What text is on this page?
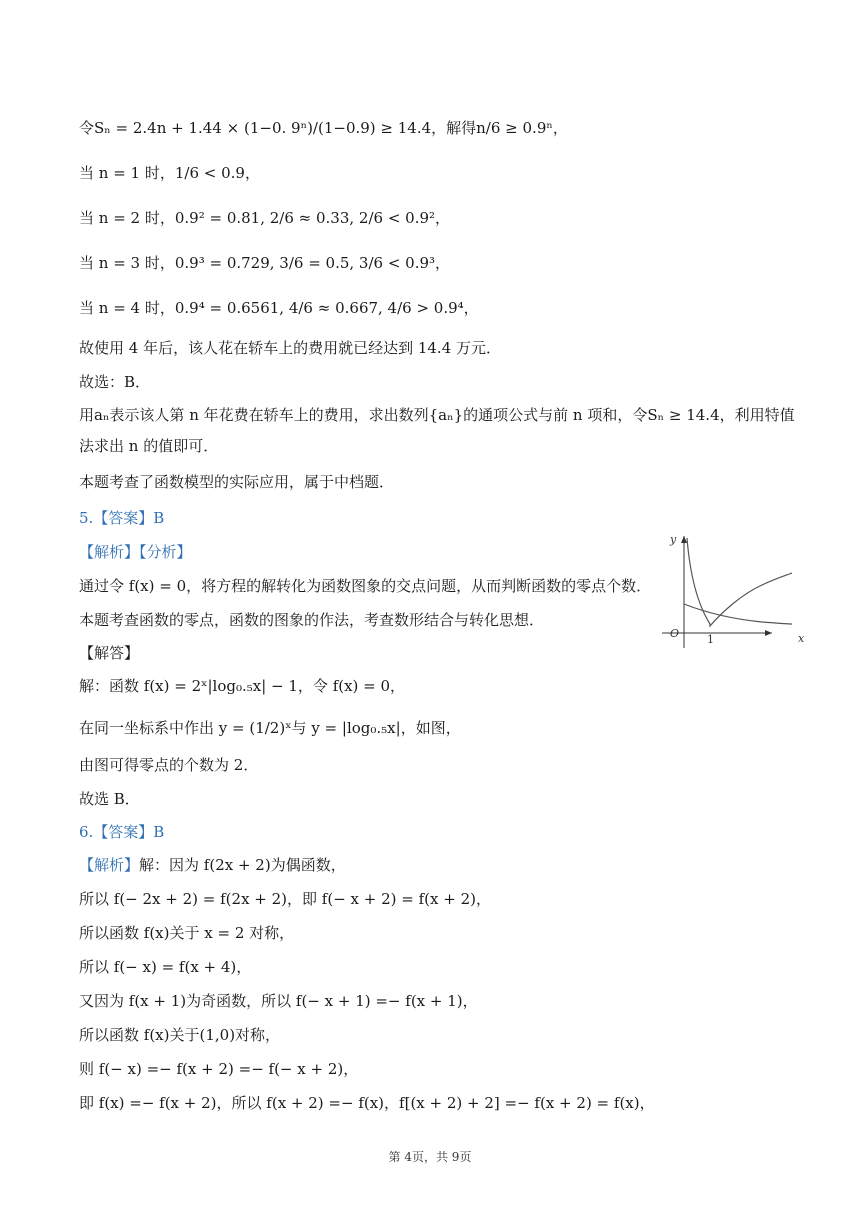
令Sₙ = 2.4n + 1.44 × (1−0. 9ⁿ)/(1−0.9) ≥ 14.4，解得n/6 ≥ 0.9ⁿ，
当 n = 1 时，1/6 < 0.9，
当 n = 2 时，0.9² = 0.81, 2/6 ≈ 0.33, 2/6 < 0.9²，
当 n = 3 时，0.9³ = 0.729, 3/6 = 0.5, 3/6 < 0.9³，
当 n = 4 时，0.9⁴ = 0.6561, 4/6 ≈ 0.667, 4/6 > 0.9⁴，
故使用 4 年后，该人花在轿车上的费用就已经达到 14.4 万元．
故选：B．
用aₙ表示该人第 n 年花费在轿车上的费用，求出数列{aₙ}的通项公式与前 n 项和，令Sₙ ≥ 14.4，利用特值法求出 n 的值即可．
本题考查了函数模型的实际应用，属于中档题．
5.【答案】B
【解析】【分析】
通过令 f(x) = 0，将方程的解转化为函数图象的交点问题，从而判断函数的零点个数．
本题考查函数的零点，函数的图象的作法，考查数形结合与转化思想．
【解答】
解：函数 f(x) = 2ˣ|log₀.₅x| − 1，令 f(x) = 0，
在同一坐标系中作出 y = (1/2)ˣ与 y = |log₀.₅x|，如图，
由图可得零点的个数为 2．
故选 B．
y
x
O	1
6.【答案】B
【解析】解：因为 f(2x + 2)为偶函数，
所以 f(− 2x + 2) = f(2x + 2)，即 f(− x + 2) = f(x + 2)，
所以函数 f(x)关于 x = 2 对称，
所以 f(− x) = f(x + 4)，
又因为 f(x + 1)为奇函数，所以 f(− x + 1) =− f(x + 1)，
所以函数 f(x)关于(1,0)对称，
则 f(− x) =− f(x + 2) =− f(− x + 2)，
即 f(x) =− f(x + 2)，所以 f(x + 2) =− f(x)，f[(x + 2) + 2] =− f(x + 2) = f(x)，
第 4页，共 9页
